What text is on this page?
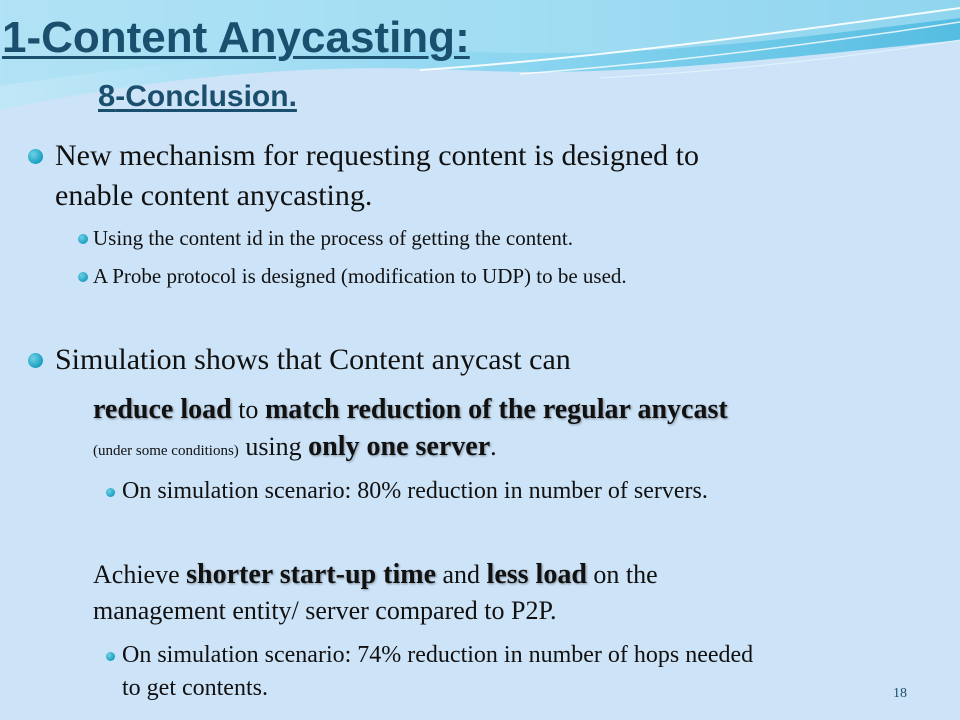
1-Content Anycasting:
8-Conclusion.
New mechanism for requesting content is designed to
enable content anycasting.
Using the content id in the process of getting the content.
A Probe protocol is designed (modification to UDP) to be used.
Simulation shows that Content anycast can
reduce load to match reduction of the regular anycast
(under some conditions) using only one server.
On simulation scenario: 80% reduction in number of servers.
Achieve shorter start-up time and less load on the
management entity/ server compared to P2P.
On simulation scenario: 74% reduction in number of hops needed
to get contents.	18
